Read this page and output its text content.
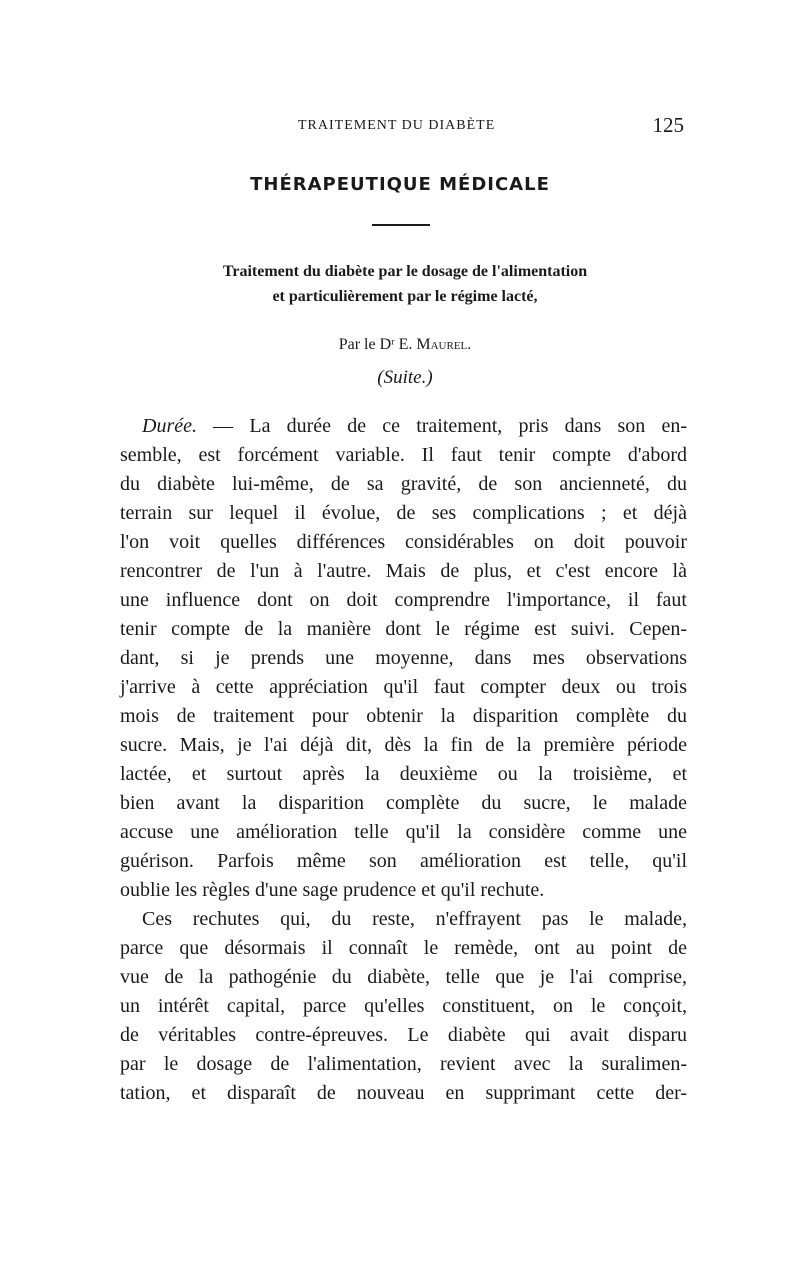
TRAITEMENT DU DIABÈTE	125
THÉRAPEUTIQUE MÉDICALE
Traitement du diabète par le dosage de l'alimentation
et particulièrement par le régime lacté,
Par le Dʳ E. Maurel.
(Suite.)
Durée. — La durée de ce traitement, pris dans son en-
semble, est forcément variable. Il faut tenir compte d'abord
du diabète lui-même, de sa gravité, de son ancienneté, du
terrain sur lequel il évolue, de ses complications ; et déjà
l'on voit quelles différences considérables on doit pouvoir
rencontrer de l'un à l'autre. Mais de plus, et c'est encore là
une influence dont on doit comprendre l'importance, il faut
tenir compte de la manière dont le régime est suivi. Cepen-
dant, si je prends une moyenne, dans mes observations
j'arrive à cette appréciation qu'il faut compter deux ou trois
mois de traitement pour obtenir la disparition complète du
sucre. Mais, je l'ai déjà dit, dès la fin de la première période
lactée, et surtout après la deuxième ou la troisième, et
bien avant la disparition complète du sucre, le malade
accuse une amélioration telle qu'il la considère comme une
guérison. Parfois même son amélioration est telle, qu'il
oublie les règles d'une sage prudence et qu'il rechute.
Ces rechutes qui, du reste, n'effrayent pas le malade,
parce que désormais il connaît le remède, ont au point de
vue de la pathogénie du diabète, telle que je l'ai comprise,
un intérêt capital, parce qu'elles constituent, on le conçoit,
de véritables contre-épreuves. Le diabète qui avait disparu
par le dosage de l'alimentation, revient avec la suralimen-
tation, et disparaît de nouveau en supprimant cette der-
